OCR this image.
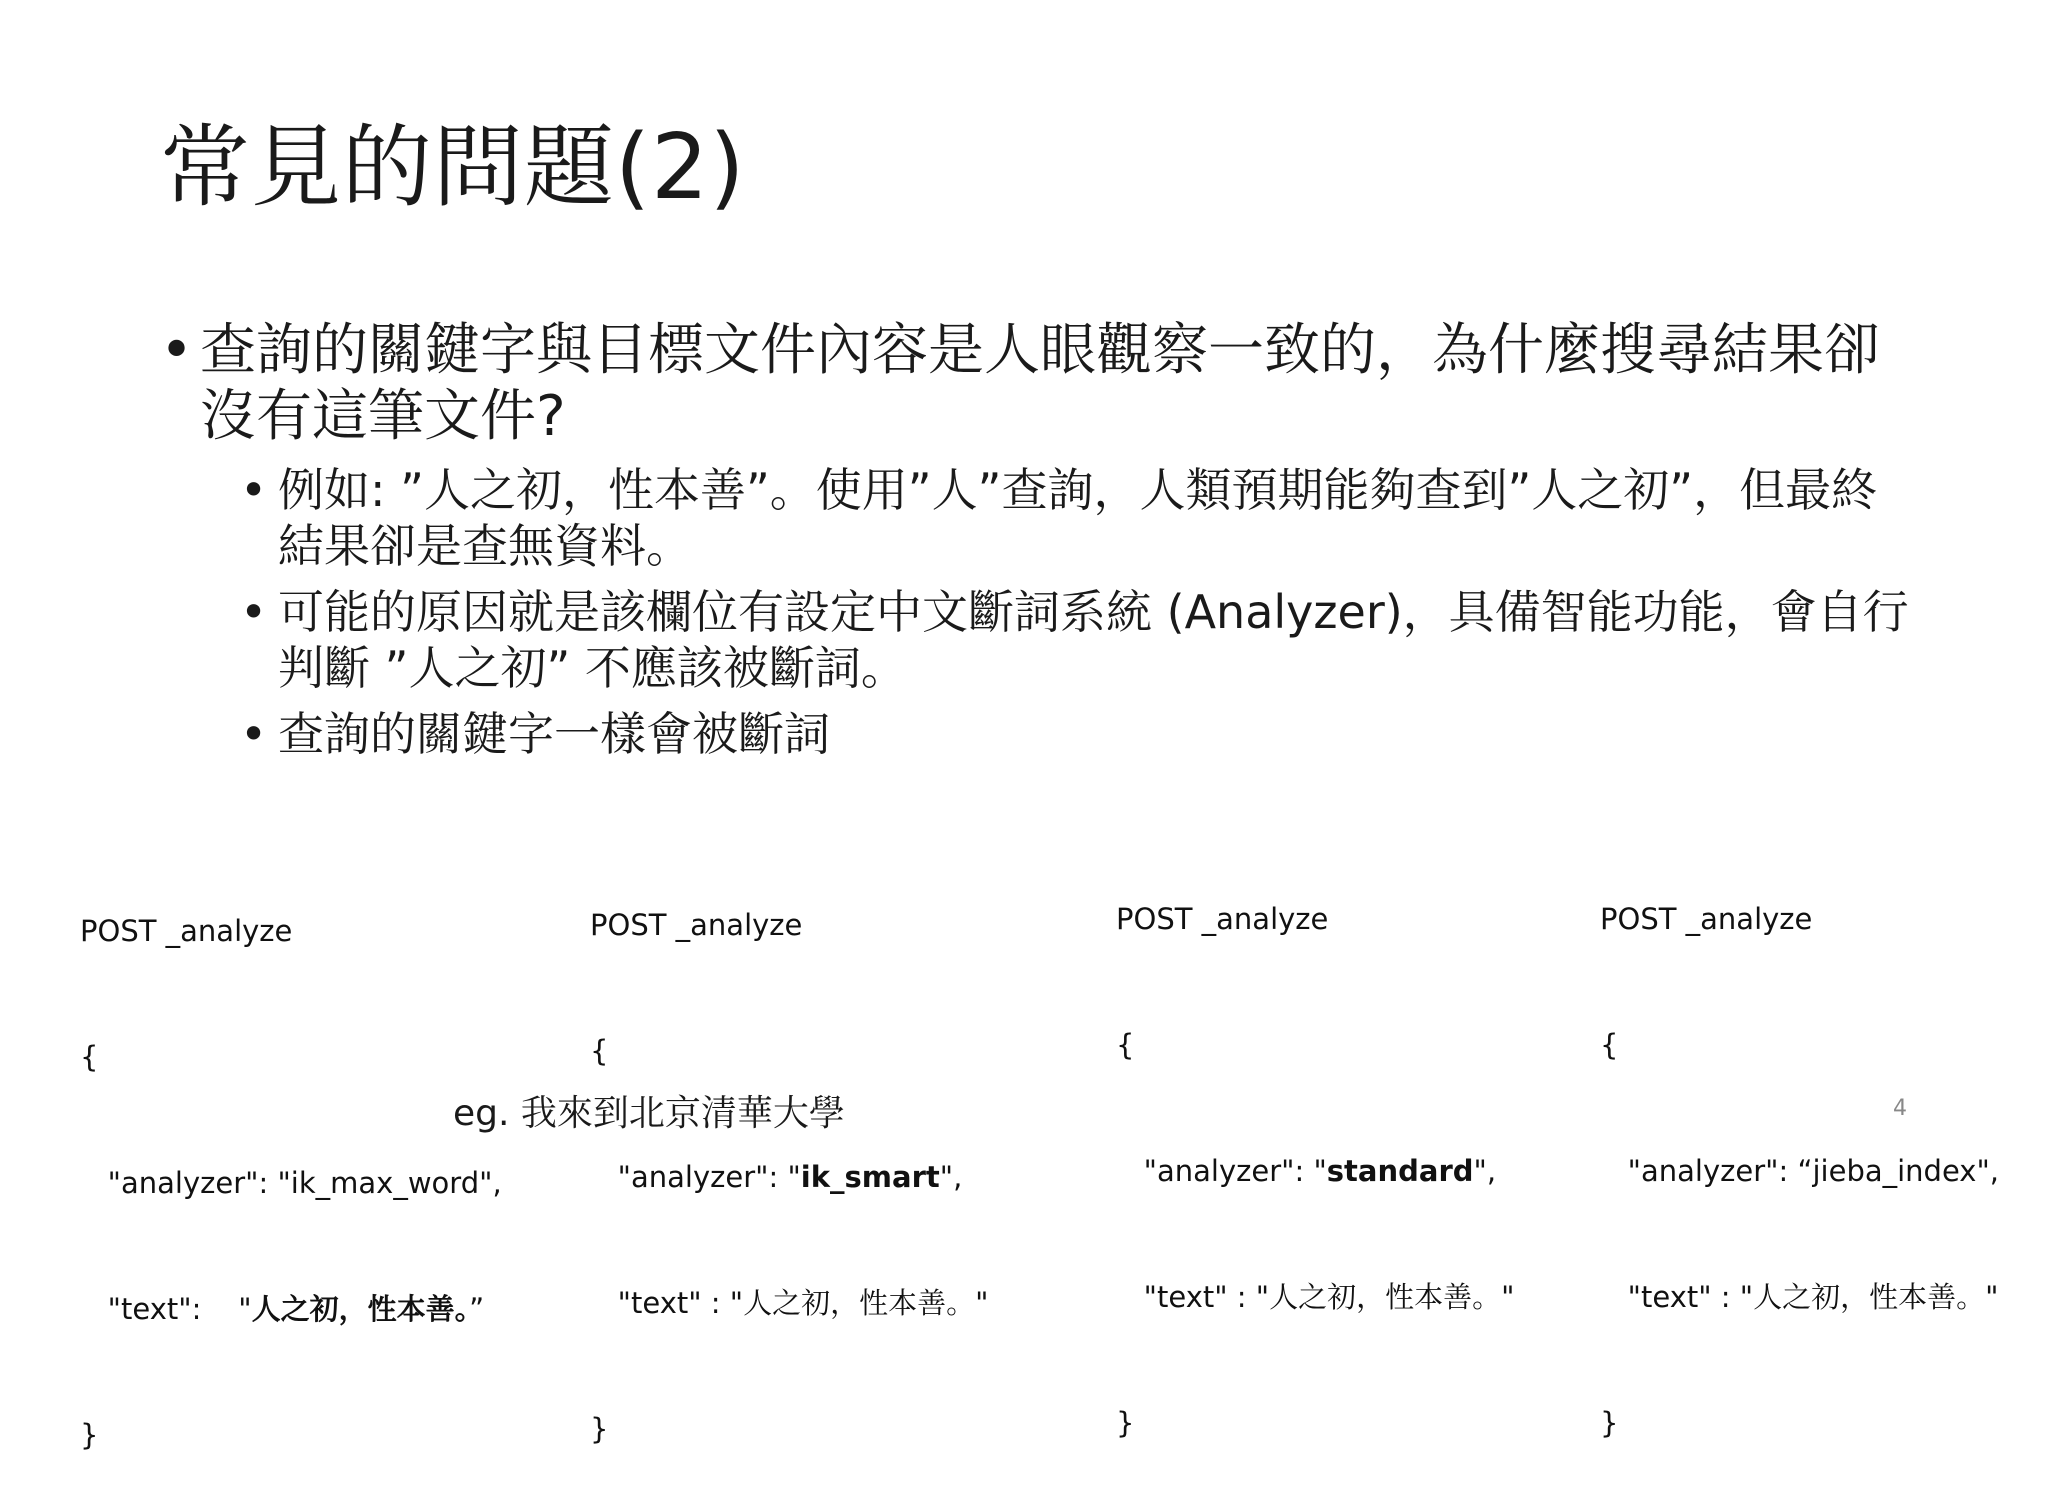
常見的問題(2)
• 查詢的關鍵字與目標文件內容是人眼觀察一致的，為什麼搜尋結果卻沒有這筆文件?
• 例如: ”人之初，性本善”。使用”人”查詢，人類預期能夠查到”人之初”，但最終結果卻是查無資料。
• 可能的原因就是該欄位有設定中文斷詞系統 (Analyzer)，具備智能功能，會自行判斷 ”人之初” 不應該被斷詞。
• 查詢的關鍵字一樣會被斷詞

POST _analyze

{

"analyzer": "ik_max_word",

"text":    "人之初，性本善。”

}

POST _analyze

{

"analyzer": "ik_smart",

"text" : "人之初，性本善。"

}

POST _analyze

{

"analyzer": "standard",

"text" : "人之初，性本善。"

}

POST _analyze

{

"analyzer": “jieba_index",

"text" : "人之初，性本善。"

}

eg. 我來到北京清華大學	4
